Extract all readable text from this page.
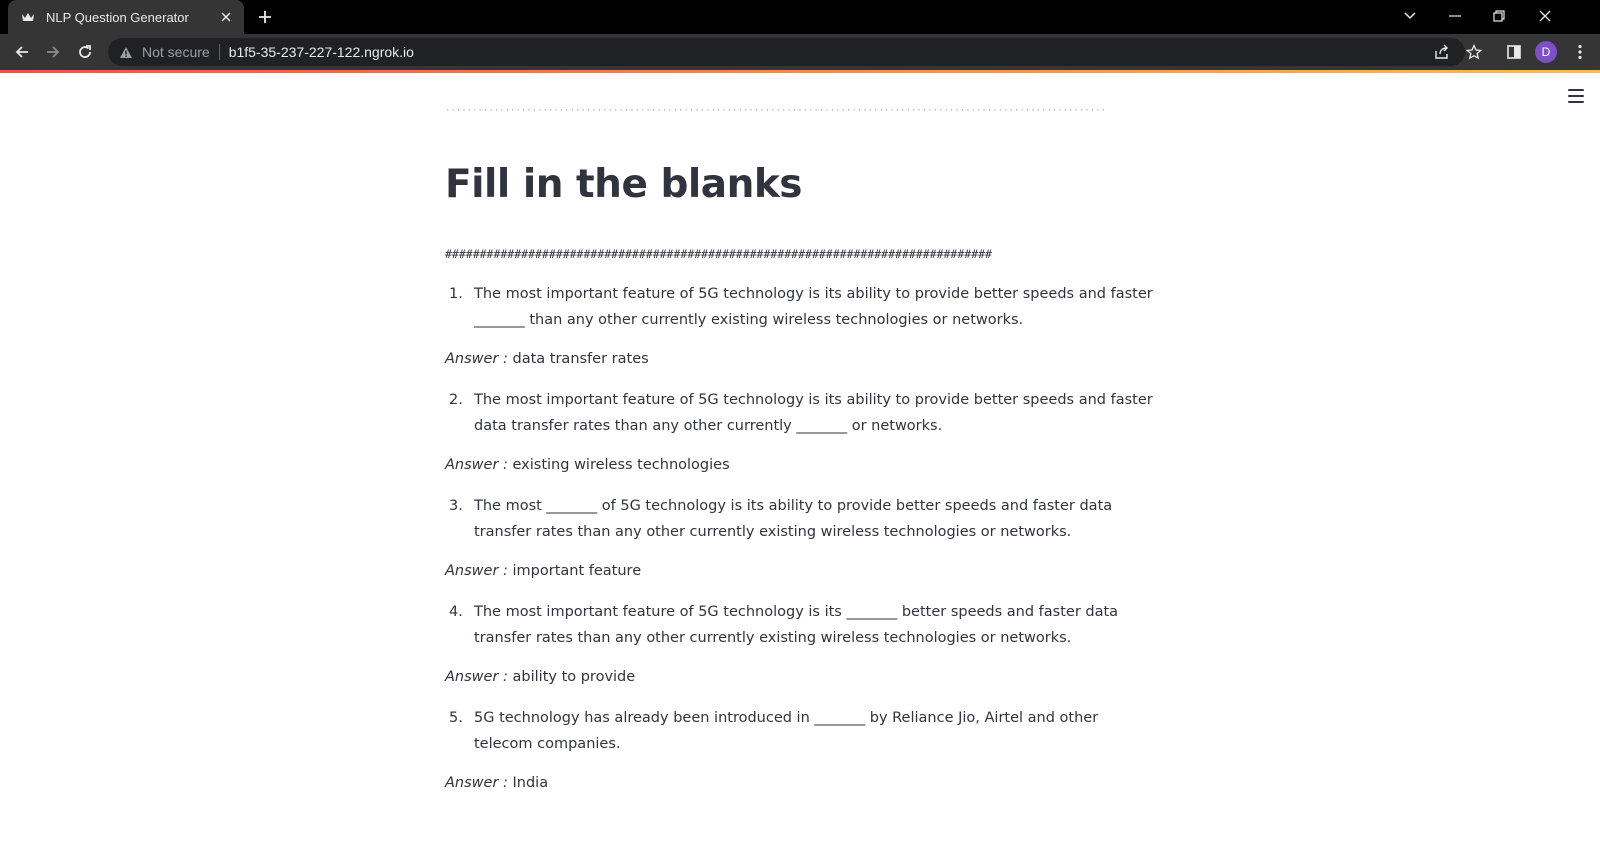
NLP Question Generator
Not secure b1f5-35-237-227-122.ngrok.io	D
··························································································································
Fill in the blanks
###############################################################################
1. The most important feature of 5G technology is its ability to provide better speeds and faster _______ than any other currently existing wireless technologies or networks.

Answer : data transfer rates

2. The most important feature of 5G technology is its ability to provide better speeds and faster data transfer rates than any other currently _______ or networks.

Answer : existing wireless technologies

3. The most _______ of 5G technology is its ability to provide better speeds and faster data transfer rates than any other currently existing wireless technologies or networks.

Answer : important feature

4. The most important feature of 5G technology is its _______ better speeds and faster data transfer rates than any other currently existing wireless technologies or networks.

Answer : ability to provide

5. 5G technology has already been introduced in _______ by Reliance Jio, Airtel and other telecom companies.

Answer : India
